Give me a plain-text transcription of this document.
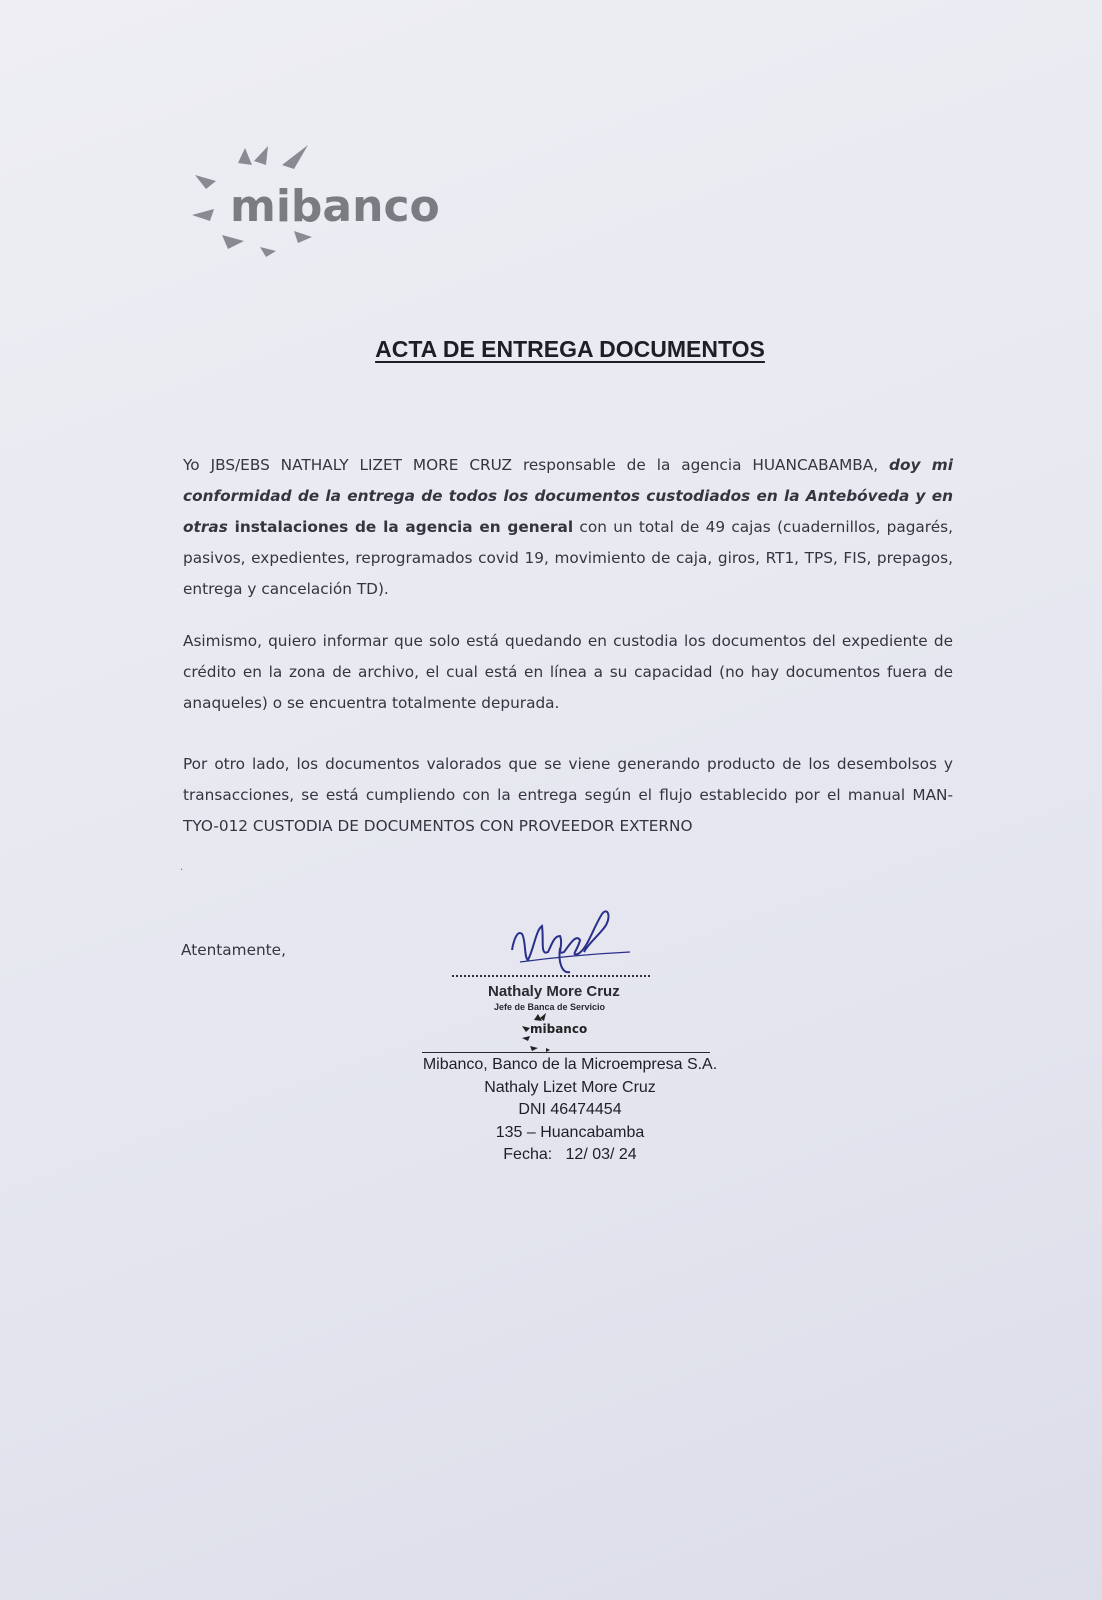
mibanco
ACTA DE ENTREGA DOCUMENTOS
Yo JBS/EBS NATHALY LIZET MORE CRUZ responsable de la agencia HUANCABAMBA, doy mi conformidad de la entrega de todos los documentos custodiados en la Antebóveda y en otras instalaciones de la agencia en general con un total de 49 cajas (cuadernillos, pagarés, pasivos, expedientes, reprogramados covid 19, movimiento de caja, giros, RT1, TPS, FIS, prepagos, entrega y cancelación TD).
Asimismo, quiero informar que solo está quedando en custodia los documentos del expediente de crédito en la zona de archivo, el cual está en línea a su capacidad (no hay documentos fuera de anaqueles) o se encuentra totalmente depurada.
Por otro lado, los documentos valorados que se viene generando producto de los desembolsos y transacciones, se está cumpliendo con la entrega según el flujo establecido por el manual MAN-TYO-012 CUSTODIA DE DOCUMENTOS CON PROVEEDOR EXTERNO
.
Atentamente,
Nathaly More Cruz
Jefe de Banca de Servicio
mibanco
Mibanco, Banco de la Microempresa S.A.
Nathaly Lizet More Cruz
DNI 46474454
135 – Huancabamba
Fecha:   12/ 03/ 24
